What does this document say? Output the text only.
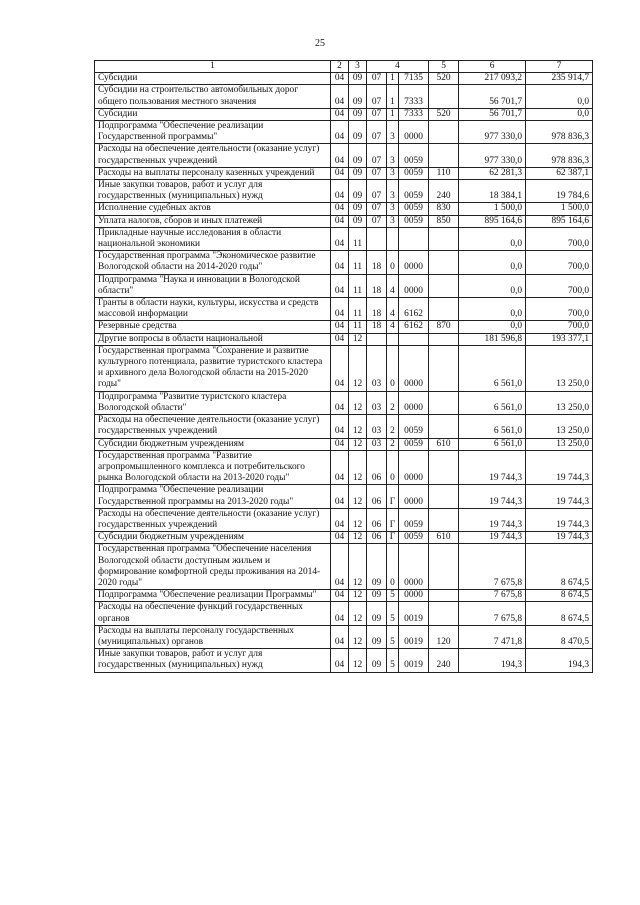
25
1	2	3	4			5	6	7
Субсидии	04	09	07	1	7135	520	217 093,2	235 914,7
Субсидии на строительство автомобильных дорог общего пользования местного значения	04	09	07	1	7333		56 701,7	0,0
Субсидии	04	09	07	1	7333	520	56 701,7	0,0
Подпрограмма "Обеспечение реализации Государственной программы"	04	09	07	3	0000		977 330,0	978 836,3
Расходы на обеспечение деятельности (оказание услуг) государственных учреждений	04	09	07	3	0059		977 330,0	978 836,3
Расходы на выплаты персоналу казенных учреждений	04	09	07	3	0059	110	62 281,3	62 387,1
Иные закупки товаров, работ и услуг для государственных (муниципальных) нужд	04	09	07	3	0059	240	18 384,1	19 784,6
Исполнение судебных актов	04	09	07	3	0059	830	1 500,0	1 500,0
Уплата налогов, сборов и иных платежей	04	09	07	3	0059	850	895 164,6	895 164,6
Прикладные научные исследования в области национальной экономики	04	11					0,0	700,0
Государственная программа "Экономическое развитие Вологодской области на 2014-2020 годы"	04	11	18	0	0000		0,0	700,0
Подпрограмма "Наука и инновации в Вологодской области"	04	11	18	4	0000		0,0	700,0
Гранты в области науки, культуры, искусства и средств массовой информации	04	11	18	4	6162		0,0	700,0
Резервные средства	04	11	18	4	6162	870	0,0	700,0
Другие вопросы в области национальной	04	12					181 596,8	193 377,1
Государственная программа "Сохранение и развитие культурного потенциала, развитие туристского кластера и архивного дела Вологодской области на 2015-2020 годы"	04	12	03	0	0000		6 561,0	13 250,0
Подпрограмма "Развитие туристского кластера Вологодской области"	04	12	03	2	0000		6 561,0	13 250,0
Расходы на обеспечение деятельности (оказание услуг) государственных учреждений	04	12	03	2	0059		6 561,0	13 250,0
Субсидии бюджетным учреждениям	04	12	03	2	0059	610	6 561,0	13 250,0
Государственная программа "Развитие агропромышленного комплекса и потребительского рынка Вологодской области на 2013-2020 годы"	04	12	06	0	0000		19 744,3	19 744,3
Подпрограмма "Обеспечение реализации Государственной программы на 2013-2020 годы"	04	12	06	Г	0000		19 744,3	19 744,3
Расходы на обеспечение деятельности (оказание услуг) государственных учреждений	04	12	06	Г	0059		19 744,3	19 744,3
Субсидии бюджетным учреждениям	04	12	06	Г	0059	610	19 744,3	19 744,3
Государственная программа "Обеспечение населения Вологодской области доступным жильем и формирование комфортной среды проживания на 2014-2020 годы"	04	12	09	0	0000		7 675,8	8 674,5
Подпрограмма "Обеспечение реализации Программы"	04	12	09	5	0000		7 675,8	8 674,5
Расходы на обеспечение функций государственных органов	04	12	09	5	0019		7 675,8	8 674,5
Расходы на выплаты персоналу государственных (муниципальных) органов	04	12	09	5	0019	120	7 471,8	8 470,5
Иные закупки товаров, работ и услуг для государственных (муниципальных) нужд	04	12	09	5	0019	240	194,3	194,3
